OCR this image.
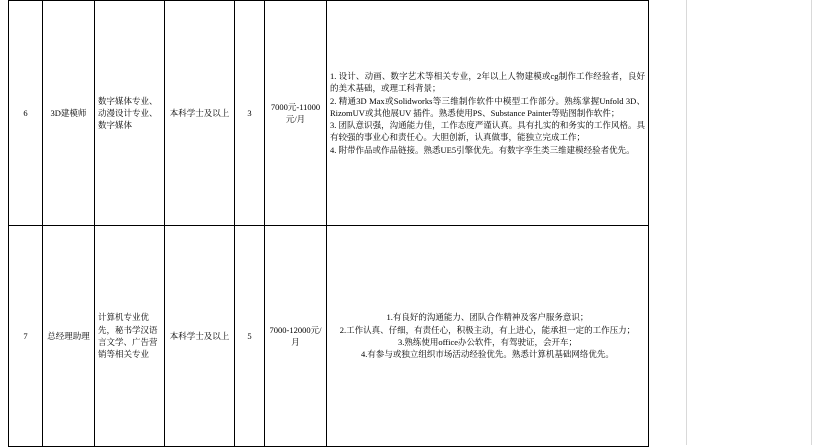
6	3D建模师	数字媒体专业、动漫设计专业、数字媒体	本科学士及以上	3	7000元-11000元/月	1. 设计、动画、数字艺术等相关专业，2年以上人物建模或cg制作工作经验者，良好的美术基础，或理工科背景；
2. 精通3D Max或Solidworks等三维制作软件中模型工作部分。熟练掌握Unfold 3D、RizomUV或其他展UV 插件。熟悉使用PS、Substance Painter等贴图制作软件；
3. 团队意识强，沟通能力佳，工作态度严谨认真。具有扎实的和务实的工作风格。具有较强的事业心和责任心。大胆创新，认真做事，能独立完成工作；
4. 附带作品或作品链接。熟悉UE5引擎优先。有数字孪生类三维建模经验者优先。

7	总经理助理	计算机专业优先，秘书学汉语言文学、广告营销等相关专业	本科学士及以上	5	7000-12000元/月	1.有良好的沟通能力、团队合作精神及客户服务意识；
2.工作认真、仔细，有责任心，积极主动，有上进心，能承担一定的工作压力；
3.熟练使用office办公软件，有驾驶证，会开车；
4.有参与或独立组织市场活动经验优先。熟悉计算机基础网络优先。
